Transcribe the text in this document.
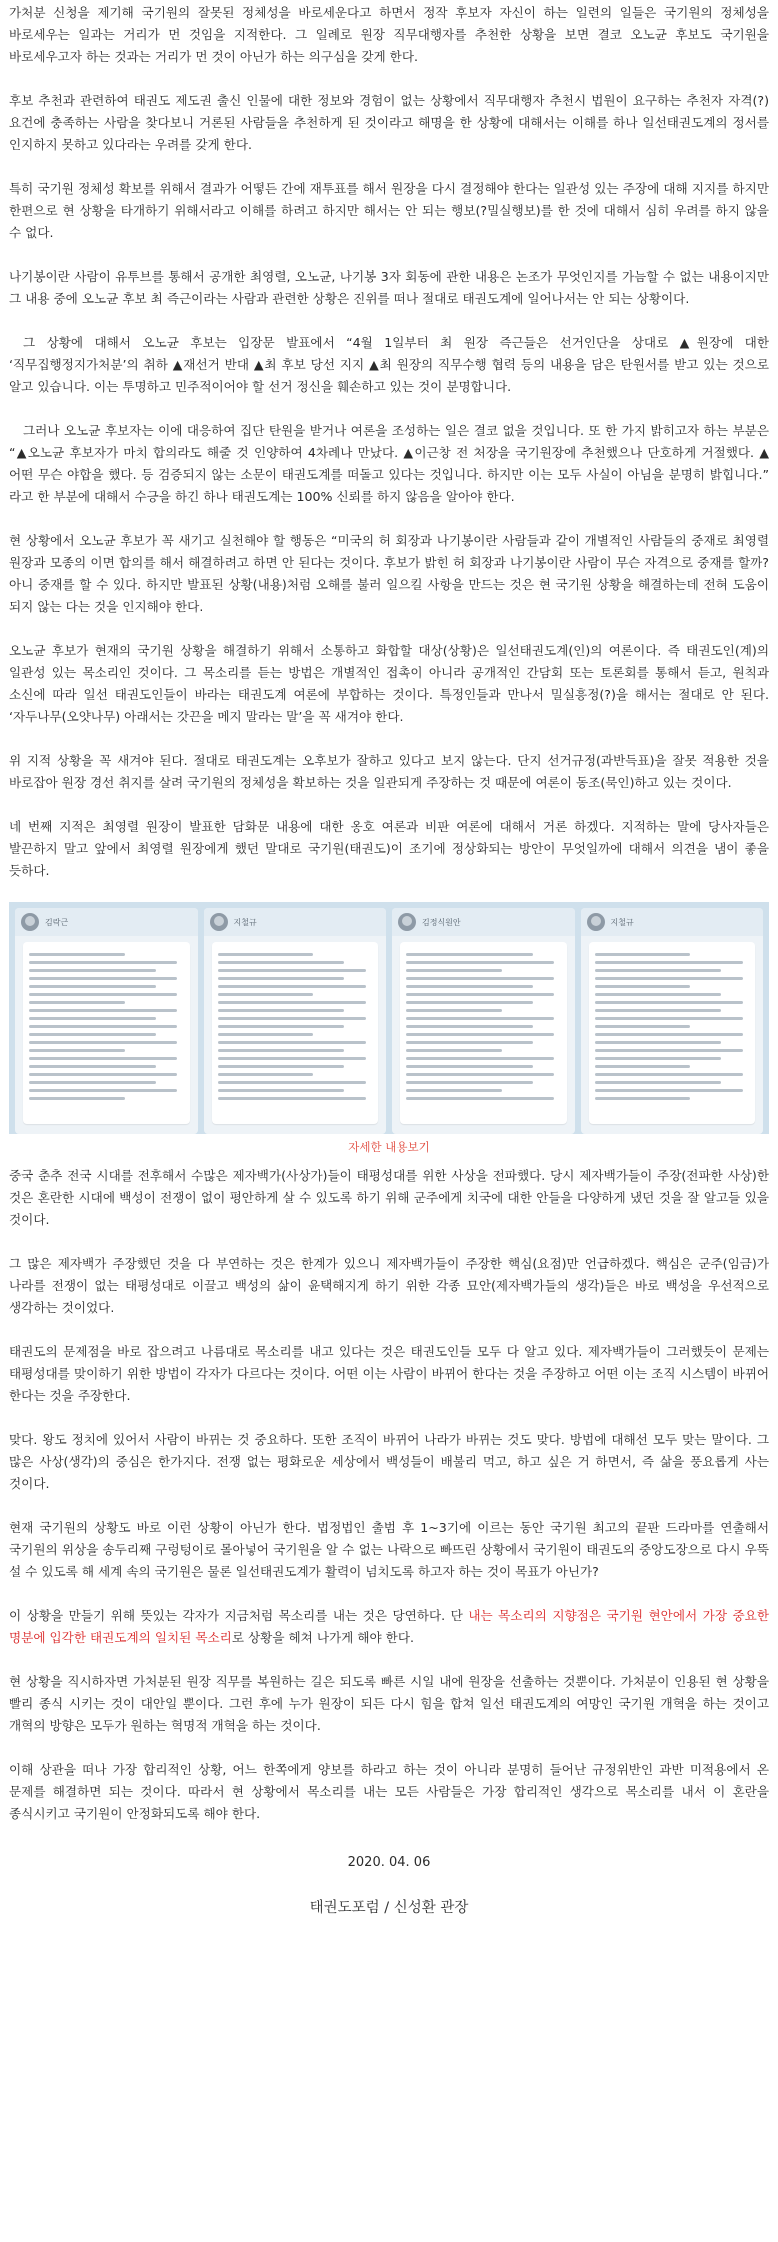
가처분 신청을 제기해 국기원의 잘못된 정체성을 바로세운다고 하면서 정작 후보자 자신이 하는 일련의 일들은 국기원의 정체성을 바로세우는 일과는 거리가 먼 것임을 지적한다. 그 일례로 원장 직무대행자를 추천한 상황을 보면 결코 오노균 후보도 국기원을 바로세우고자 하는 것과는 거리가 먼 것이 아닌가 하는 의구심을 갖게 한다.

후보 추천과 관련하여 태권도 제도권 출신 인물에 대한 정보와 경험이 없는 상황에서 직무대행자 추천시 법원이 요구하는 추천자 자격(?) 요건에 충족하는 사람을 찾다보니 거론된 사람들을 추천하게 된 것이라고 해명을 한 상황에 대해서는 이해를 하나 일선태권도계의 정서를 인지하지 못하고 있다라는 우려를 갖게 한다.

특히 국기원 정체성 확보를 위해서 결과가 어떻든 간에 재투표를 해서 원장을 다시 결정해야 한다는 일관성 있는 주장에 대해 지지를 하지만 한편으로 현 상황을 타개하기 위해서라고 이해를 하려고 하지만 해서는 안 되는 행보(?밀실행보)를 한 것에 대해서 심히 우려를 하지 않을 수 없다.

나기봉이란 사람이 유투브를 통해서 공개한 최영렬, 오노균, 나기봉 3자 회동에 관한 내용은 논조가 무엇인지를 가늠할 수 없는 내용이지만 그 내용 중에 오노균 후보 최 즉근이라는 사람과 관련한 상황은 진위를 떠나 절대로 태권도계에 일어나서는 안 되는 상황이다.

그 상황에 대해서 오노균 후보는 입장문 발표에서 “4월 1일부터 최 원장 즉근들은 선거인단을 상대로 ▲원장에 대한 ‘직무집행정지가처분’의 취하 ▲재선거 반대 ▲최 후보 당선 지지 ▲최 원장의 직무수행 협력 등의 내용을 담은 탄원서를 받고 있는 것으로 알고 있습니다. 이는 투명하고 민주적이어야 할 선거 정신을 훼손하고 있는 것이 분명합니다.

그러나 오노균 후보자는 이에 대응하여 집단 탄원을 받거나 여론을 조성하는 일은 결코 없을 것입니다. 또 한 가지 밝히고자 하는 부분은 “▲오노균 후보자가 마치 합의라도 해줄 것 인양하여 4차례나 만났다. ▲이근창 전 처장을 국기원장에 추천했으나 단호하게 거절했다. ▲어떤 무슨 야합을 했다. 등 검증되지 않는 소문이 태권도계를 떠돌고 있다는 것입니다. 하지만 이는 모두 사실이 아님을 분명히 밝힙니다.” 라고 한 부분에 대해서 수긍을 하긴 하나 태권도계는 100% 신뢰를 하지 않음을 알아야 한다.

현 상황에서 오노균 후보가 꼭 새기고 실천해야 할 행동은 “미국의 허 회장과 나기봉이란 사람들과 같이 개별적인 사람들의 중재로 최영렬 원장과 모종의 이면 합의를 해서 해결하려고 하면 안 된다는 것이다. 후보가 밝힌 허 회장과 나기봉이란 사람이 무슨 자격으로 중재를 할까? 아니 중재를 할 수 있다. 하지만 발표된 상황(내용)처럼 오해를 불러 일으킬 사항을 만드는 것은 현 국기원 상황을 해결하는데 전혀 도움이 되지 않는 다는 것을 인지해야 한다.

오노균 후보가 현재의 국기원 상황을 해결하기 위해서 소통하고 화합할 대상(상황)은 일선태권도계(인)의 여론이다. 즉 태권도인(계)의 일관성 있는 목소리인 것이다. 그 목소리를 듣는 방법은 개별적인 접촉이 아니라 공개적인 간담회 또는 토론회를 통해서 듣고, 원칙과 소신에 따라 일선 태권도인들이 바라는 태권도계 여론에 부합하는 것이다. 특정인들과 만나서 밀실흥정(?)을 해서는 절대로 안 된다. ‘자두나무(오얏나무) 아래서는 갓끈을 메지 말라는 말’을 꼭 새겨야 한다.

위 지적 상황을 꼭 새겨야 된다. 절대로 태권도계는 오후보가 잘하고 있다고 보지 않는다. 단지 선거규정(과반득표)을 잘못 적용한 것을 바로잡아 원장 경선 취지를 살려 국기원의 정체성을 확보하는 것을 일관되게 주장하는 것 때문에 여론이 동조(묵인)하고 있는 것이다.

네 번째 지적은 최영렬 원장이 발표한 담화문 내용에 대한 옹호 여론과 비판 여론에 대해서 거론 하겠다. 지적하는 말에 당사자들은 발끈하지 말고 앞에서 최영렬 원장에게 했던 말대로 국기원(태권도)이 조기에 정상화되는 방안이 무엇일까에 대해서 의견을 냄이 좋을 듯하다.

김락근	지철규	김정식원안	지철규
자세한 내용보기

중국 춘추 전국 시대를 전후해서 수많은 제자백가(사상가)들이 태평성대를 위한 사상을 전파했다. 당시 제자백가들이 주장(전파한 사상)한 것은 혼란한 시대에 백성이 전쟁이 없이 평안하게 살 수 있도록 하기 위해 군주에게 치국에 대한 안들을 다양하게 냈던 것을 잘 알고들 있을 것이다.

그 많은 제자백가 주장했던 것을 다 부연하는 것은 한계가 있으니 제자백가들이 주장한 핵심(요점)만 언급하겠다. 핵심은 군주(임금)가 나라를 전쟁이 없는 태평성대로 이끌고 백성의 삶이 윤택해지게 하기 위한 각종 묘안(제자백가들의 생각)들은 바로 백성을 우선적으로 생각하는 것이었다.

태권도의 문제점을 바로 잡으려고 나름대로 목소리를 내고 있다는 것은 태권도인들 모두 다 알고 있다. 제자백가들이 그러했듯이 문제는 태평성대를 맞이하기 위한 방법이 각자가 다르다는 것이다. 어떤 이는 사람이 바뀌어 한다는 것을 주장하고 어떤 이는 조직 시스템이 바뀌어 한다는 것을 주장한다.

맞다. 왕도 정치에 있어서 사람이 바뀌는 것 중요하다. 또한 조직이 바뀌어 나라가 바뀌는 것도 맞다. 방법에 대해선 모두 맞는 말이다. 그 많은 사상(생각)의 중심은 한가지다. 전쟁 없는 평화로운 세상에서 백성들이 배불리 먹고, 하고 싶은 거 하면서, 즉 삶을 풍요롭게 사는 것이다.

현재 국기원의 상황도 바로 이런 상황이 아닌가 한다. 법정법인 출범 후 1~3기에 이르는 동안 국기원 최고의 끝판 드라마를 연출해서 국기원의 위상을 송두리째 구렁텅이로 몰아넣어 국기원을 알 수 없는 나락으로 빠뜨린 상황에서 국기원이 태권도의 중앙도장으로 다시 우뚝 설 수 있도록 해 세계 속의 국기원은 물론 일선태권도계가 활력이 넘치도록 하고자 하는 것이 목표가 아닌가?

이 상황을 만들기 위해 뜻있는 각자가 지금처럼 목소리를 내는 것은 당연하다. 단 내는 목소리의 지향점은 국기원 현안에서 가장 중요한 명분에 입각한 태권도계의 일치된 목소리로 상황을 헤쳐 나가게 해야 한다.

현 상황을 직시하자면 가처분된 원장 직무를 복원하는 길은 되도록 빠른 시일 내에 원장을 선출하는 것뿐이다. 가처분이 인용된 현 상황을 빨리 종식 시키는 것이 대안일 뿐이다. 그런 후에 누가 원장이 되든 다시 힘을 합쳐 일선 태권도계의 여망인 국기원 개혁을 하는 것이고 개혁의 방향은 모두가 원하는 혁명적 개혁을 하는 것이다.

이해 상관을 떠나 가장 합리적인 상황, 어느 한쪽에게 양보를 하라고 하는 것이 아니라 분명히 들어난 규정위반인 과반 미적용에서 온 문제를 해결하면 되는 것이다. 따라서 현 상황에서 목소리를 내는 모든 사람들은 가장 합리적인 생각으로 목소리를 내서 이 혼란을 종식시키고 국기원이 안정화되도록 해야 한다.

2020. 04. 06
태권도포럼 / 신성환 관장
